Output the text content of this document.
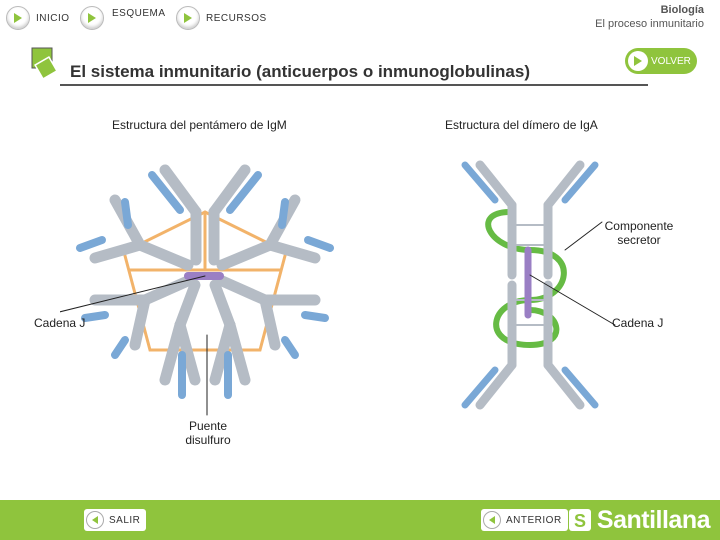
INICIO	ESQUEMA	RECURSOS
Biología
El proceso inmunitario
El sistema inmunitario (anticuerpos o inmunoglobulinas)
VOLVER
Estructura del pentámero de IgM	Estructura del dímero de IgA
Cadena J	Cadena J
Puente
disulfuro
Componente
secretor
SALIR	ANTERIOR S Santillana
